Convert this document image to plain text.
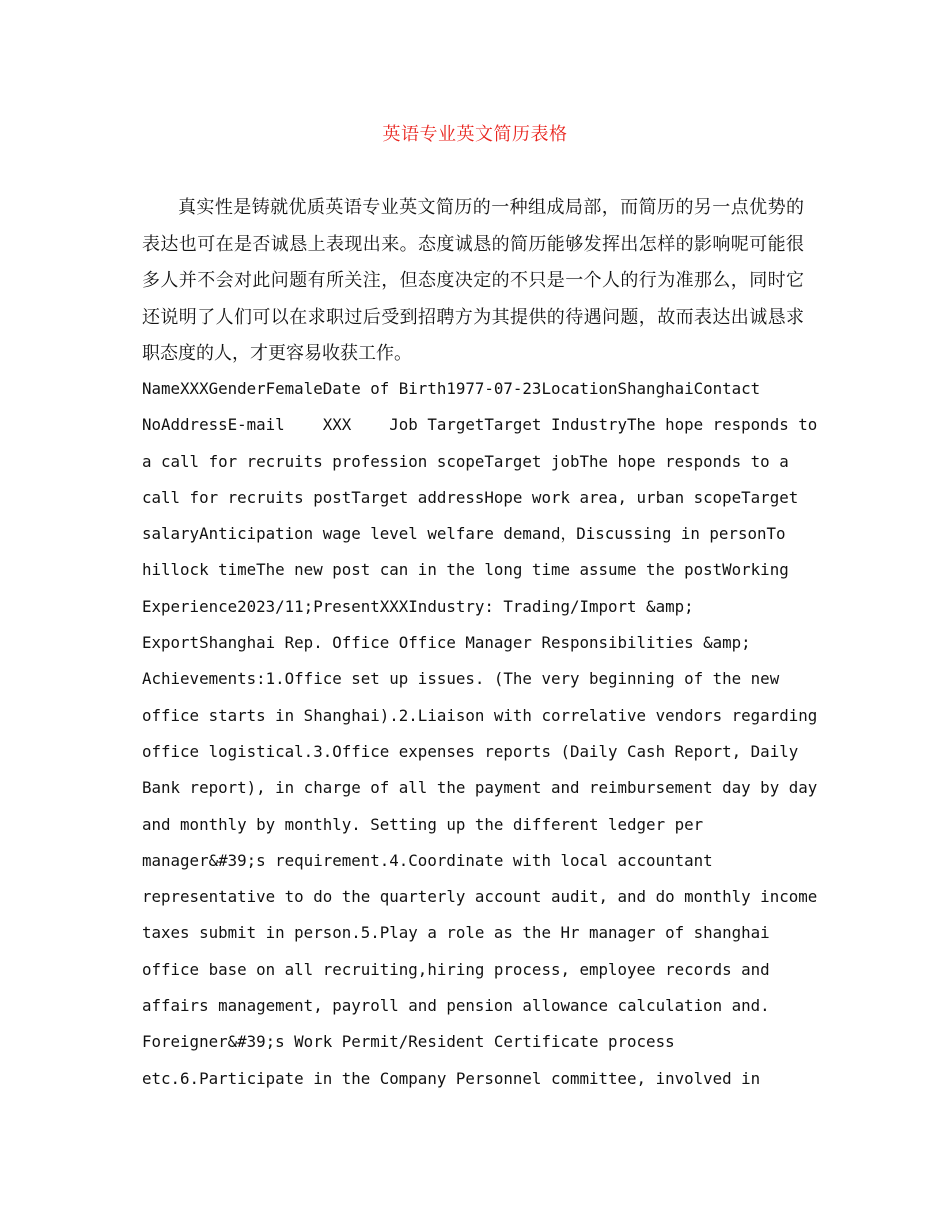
英语专业英文简历表格

真实性是铸就优质英语专业英文简历的一种组成局部，而简历的另一点优势的表达也可在是否诚恳上表现出来。态度诚恳的简历能够发挥出怎样的影响呢可能很多人并不会对此问题有所关注，但态度决定的不只是一个人的行为准那么，同时它还说明了人们可以在求职过后受到招聘方为其提供的待遇问题，故而表达出诚恳求职态度的人，才更容易收获工作。

NameXXXGenderFemaleDate of Birth1977-07-23LocationShanghaiContact
NoAddressE-mail    XXX    Job TargetTarget IndustryThe hope responds to
a call for recruits profession scopeTarget jobThe hope responds to a
call for recruits postTarget addressHope work area, urban scopeTarget
salaryAnticipation wage level welfare demand，Discussing in personTo
hillock timeThe new post can in the long time assume the postWorking
Experience2023/11;PresentXXXIndustry: Trading/Import &amp;
ExportShanghai Rep. Office Office Manager Responsibilities &amp;
Achievements:1.Office set up issues. (The very beginning of the new
office starts in Shanghai).2.Liaison with correlative vendors regarding
office logistical.3.Office expenses reports (Daily Cash Report, Daily
Bank report), in charge of all the payment and reimbursement day by day
and monthly by monthly. Setting up the different ledger per
manager&#39;s requirement.4.Coordinate with local accountant
representative to do the quarterly account audit, and do monthly income
taxes submit in person.5.Play a role as the Hr manager of shanghai
office base on all recruiting,hiring process, employee records and
affairs management, payroll and pension allowance calculation and.
Foreigner&#39;s Work Permit/Resident Certificate process
etc.6.Participate in the Company Personnel committee, involved in
